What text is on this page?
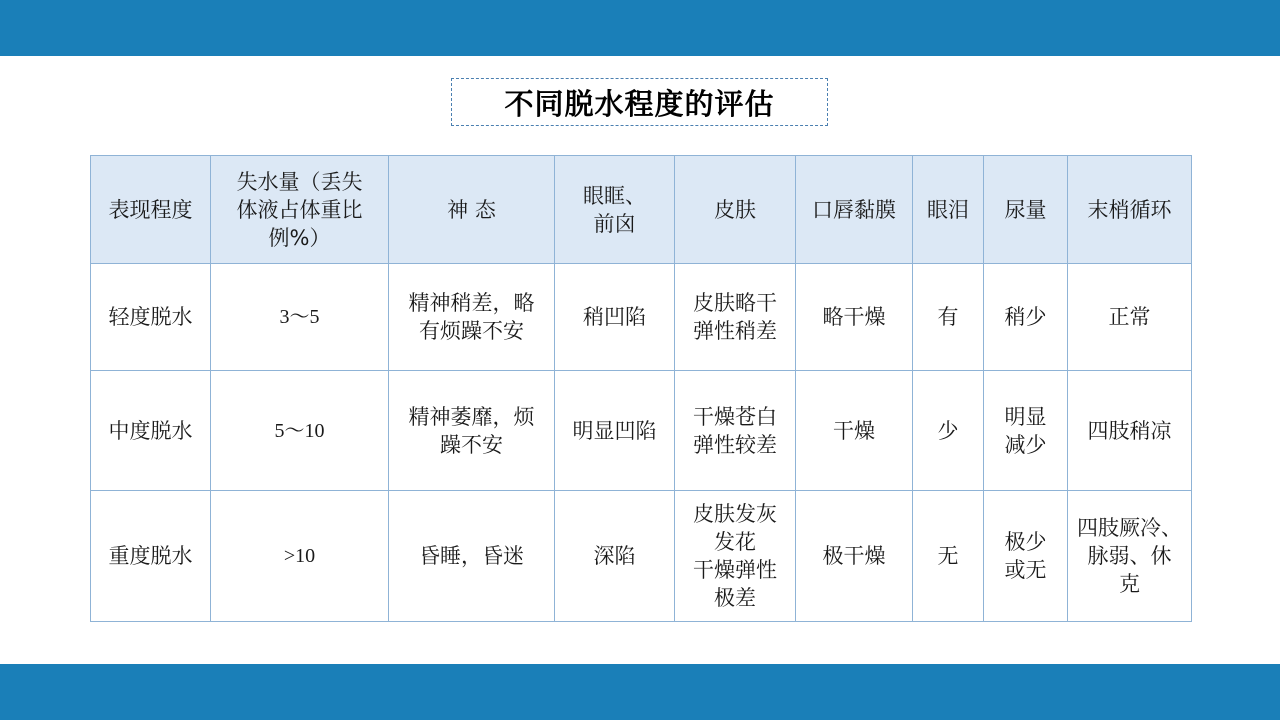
不同脱水程度的评估
表现程度	失水量（丢失
体液占体重比
例%）	神 态	眼眶、
前囟	皮肤	口唇黏膜	眼泪	尿量	末梢循环

轻度脱水	3～5	精神稍差，略
有烦躁不安	稍凹陷	皮肤略干
弹性稍差	略干燥	有	稍少	正常

中度脱水	5～10	精神萎靡，烦
躁不安	明显凹陷	干燥苍白
弹性较差	干燥	少	明显
减少	四肢稍凉

重度脱水	>10	昏睡，昏迷	深陷	皮肤发灰
发花
干燥弹性
极差	极干燥	无	极少
或无	四肢厥冷、
脉弱、休
克
